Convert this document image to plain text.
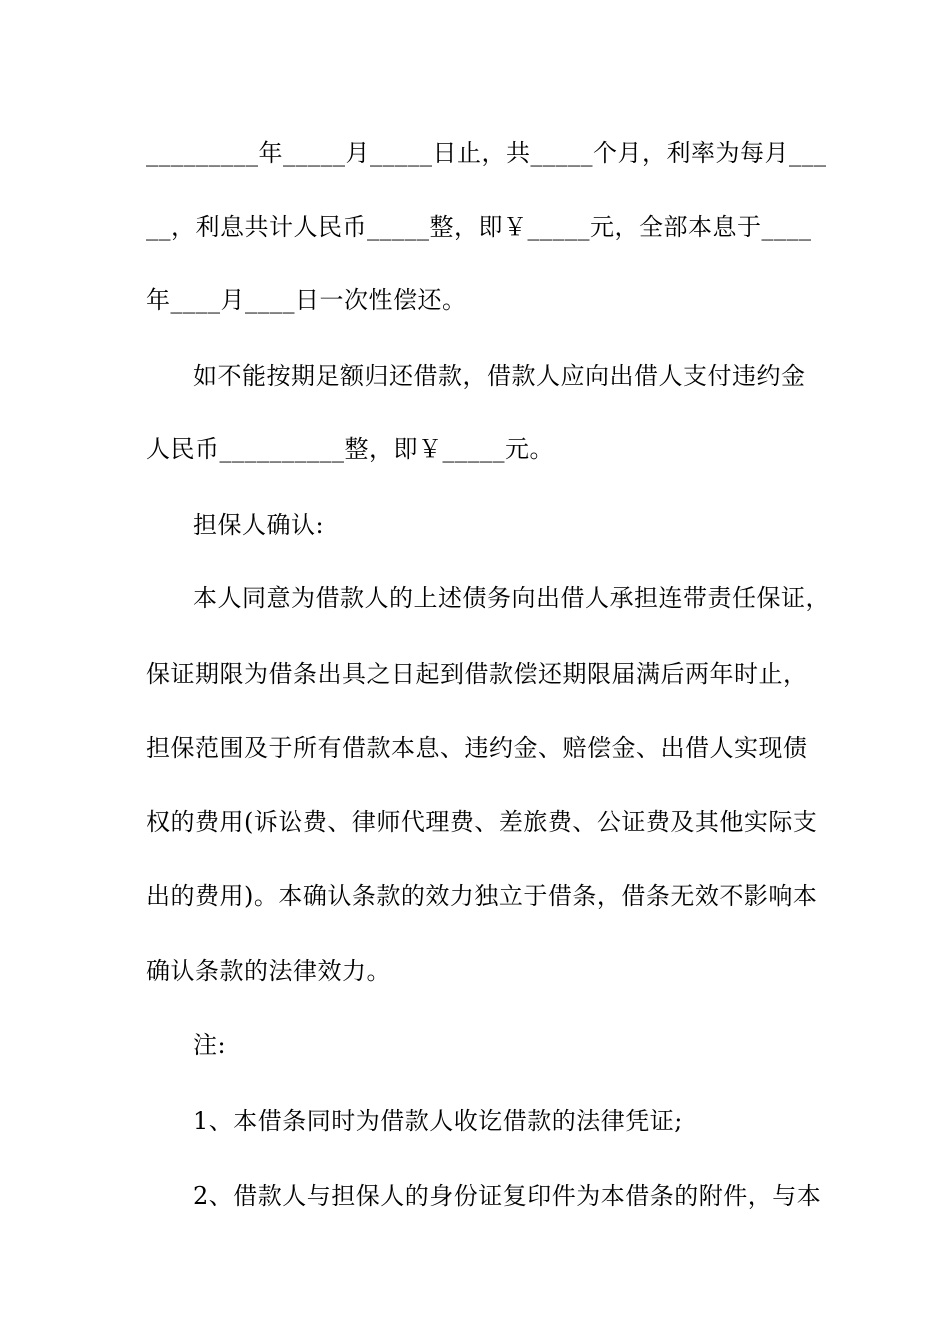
_________年_____月_____日止，共_____个月，利率为每月___
__，利息共计人民币_____整，即￥_____元，全部本息于____
年____月____日一次性偿还。
如不能按期足额归还借款，借款人应向出借人支付违约金
人民币__________整，即￥_____元。
担保人确认:
本人同意为借款人的上述债务向出借人承担连带责任保证，
保证期限为借条出具之日起到借款偿还期限届满后两年时止，
担保范围及于所有借款本息、违约金、赔偿金、出借人实现债
权的费用(诉讼费、律师代理费、差旅费、公证费及其他实际支
出的费用)。本确认条款的效力独立于借条，借条无效不影响本
确认条款的法律效力。
注:
1、本借条同时为借款人收讫借款的法律凭证;
2、借款人与担保人的身份证复印件为本借条的附件，与本
